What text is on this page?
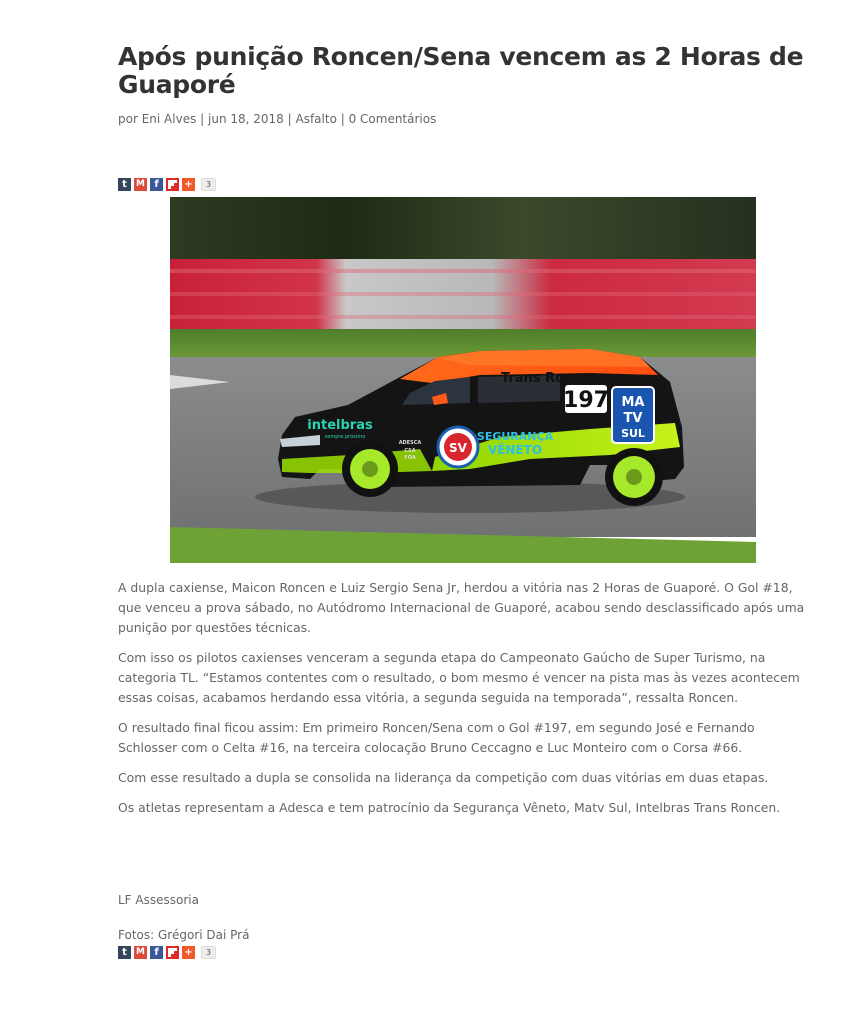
Após punição Roncen/Sena vencem as 2 Horas de Guaporé
por Eni Alves | jun 18, 2018 | Asfalto | 0 Comentários
t	M f	+	3
197
Trans Roncen
MA
TV
SUL
intelbras
sempre próximo
ADESCA
CSA
FOA
SV
SEGURANÇA
VÊNETO

A dupla caxiense, Maicon Roncen e Luiz Sergio Sena Jr, herdou a vitória nas 2 Horas de Guaporé. O Gol #18, que venceu a prova sábado, no Autódromo Internacional de Guaporé, acabou sendo desclassificado após uma punição por questões técnicas.

Com isso os pilotos caxienses venceram a segunda etapa do Campeonato Gaúcho de Super Turismo, na categoria TL. “Estamos contentes com o resultado, o bom mesmo é vencer na pista mas às vezes acontecem essas coisas, acabamos herdando essa vitória, a segunda seguida na temporada”, ressalta Roncen.

O resultado final ficou assim: Em primeiro Roncen/Sena com o Gol #197, em segundo José e Fernando Schlosser com o Celta #16, na terceira colocação Bruno Ceccagno e Luc Monteiro com o Corsa #66.

Com esse resultado a dupla se consolida na liderança da competição com duas vitórias em duas etapas.

Os atletas representam a Adesca e tem patrocínio da Segurança Vêneto, Matv Sul, Intelbras Trans Roncen.

LF Assessoria
Fotos: Grégori Dai Prá
t	M f	+	3
